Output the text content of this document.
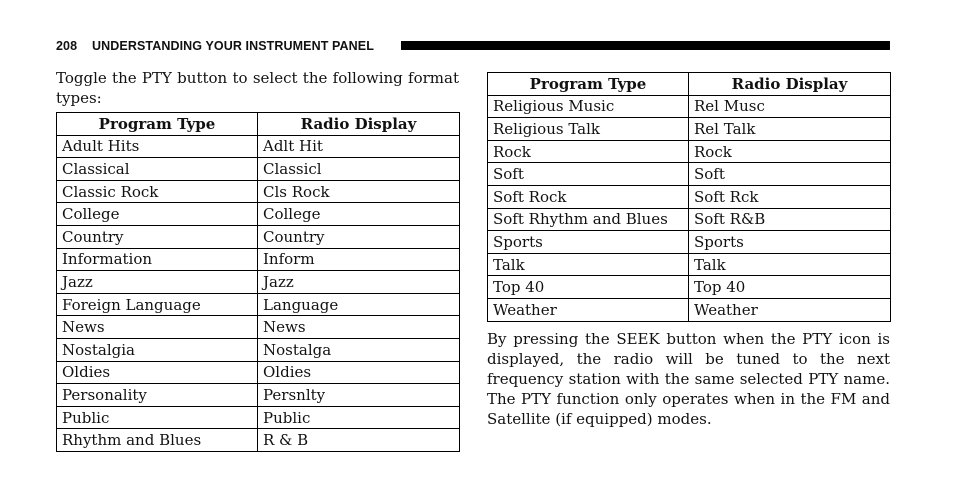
208 UNDERSTANDING YOUR INSTRUMENT PANEL

Toggle the PTY button to select the following format types:

Program Type	Radio Display
Adult Hits	Adlt Hit
Classical	Classicl
Classic Rock	Cls Rock
College	College
Country	Country
Information	Inform
Jazz	Jazz
Foreign Language	Language
News	News
Nostalgia	Nostalga
Oldies	Oldies
Personality	Persnlty
Public	Public
Rhythm and Blues	R & B
Program Type	Radio Display
Religious Music	Rel Musc
Religious Talk	Rel Talk
Rock	Rock
Soft	Soft
Soft Rock	Soft Rck
Soft Rhythm and Blues	Soft R&B
Sports	Sports
Talk	Talk
Top 40	Top 40
Weather	Weather

By pressing the SEEK button when the PTY icon is displayed, the radio will be tuned to the next frequency station with the same selected PTY name. The PTY function only operates when in the FM and Satellite (if equipped) modes.
